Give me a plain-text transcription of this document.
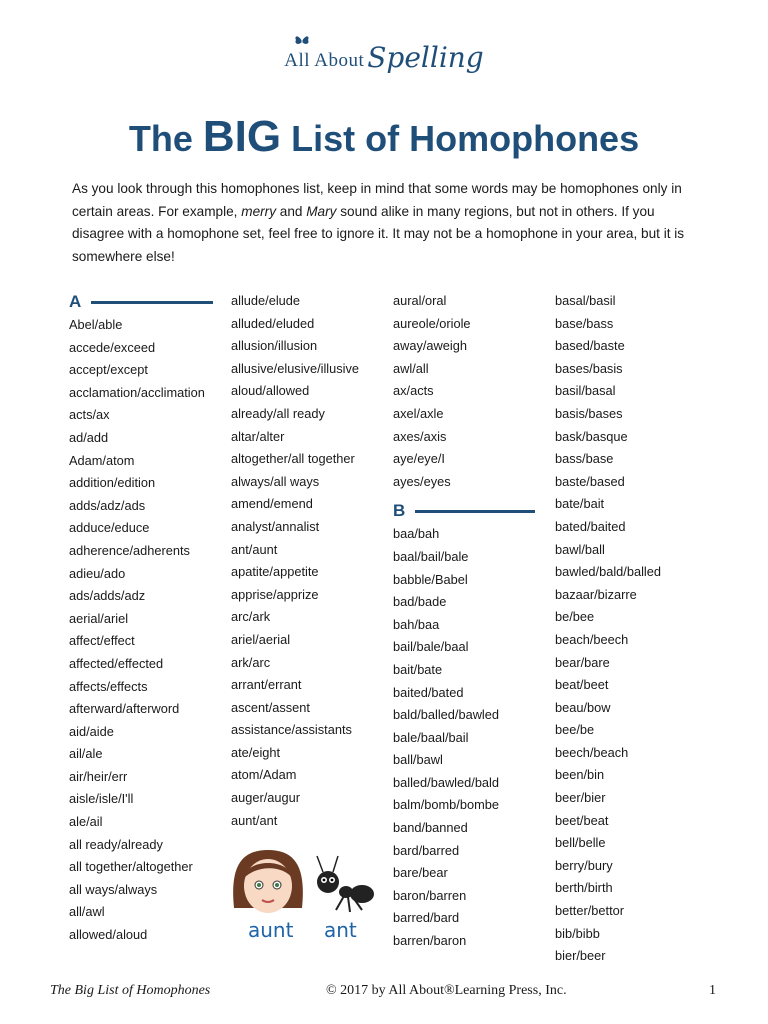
All About Spelling
The BIG List of Homophones
As you look through this homophones list, keep in mind that some words may be homophones only in certain areas. For example, merry and Mary sound alike in many regions, but not in others. If you disagree with a homophone set, feel free to ignore it. It may not be a homophone in your area, but it is somewhere else!
A
Abel/able
accede/exceed
accept/except
acclamation/acclimation
acts/ax
ad/add
Adam/atom
addition/edition
adds/adz/ads
adduce/educe
adherence/adherents
adieu/ado
ads/adds/adz
aerial/ariel
affect/effect
affected/effected
affects/effects
afterward/afterword
aid/aide
ail/ale
air/heir/err
aisle/isle/I'll
ale/ail
all ready/already
all together/altogether
all ways/always
all/awl
allowed/aloud
allude/elude
alluded/eluded
allusion/illusion
allusive/elusive/illusive
aloud/allowed
already/all ready
altar/alter
altogether/all together
always/all ways
amend/emend
analyst/annalist
ant/aunt
apatite/appetite
apprise/apprize
arc/ark
ariel/aerial
ark/arc
arrant/errant
ascent/assent
assistance/assistants
ate/eight
atom/Adam
auger/augur
aunt/ant
aural/oral
aureole/oriole
away/aweigh
awl/all
ax/acts
axel/axle
axes/axis
aye/eye/I
ayes/eyes
B
baa/bah
baal/bail/bale
babble/Babel
bad/bade
bah/baa
bail/bale/baal
bait/bate
baited/bated
bald/balled/bawled
bale/baal/bail
ball/bawl
balled/bawled/bald
balm/bomb/bombe
band/banned
bard/barred
bare/bear
baron/barren
barred/bard
barren/baron
basal/basil
base/bass
based/baste
bases/basis
basil/basal
basis/bases
bask/basque
bass/base
baste/based
bate/bait
bated/baited
bawl/ball
bawled/bald/balled
bazaar/bizarre
be/bee
beach/beech
bear/bare
beat/beet
beau/bow
bee/be
beech/beach
been/bin
beer/bier
beet/beat
bell/belle
berry/bury
berth/birth
better/bettor
bib/bibb
bier/beer
aunt ant
The Big List of Homophones	© 2017 by All About®Learning Press, Inc.	1
